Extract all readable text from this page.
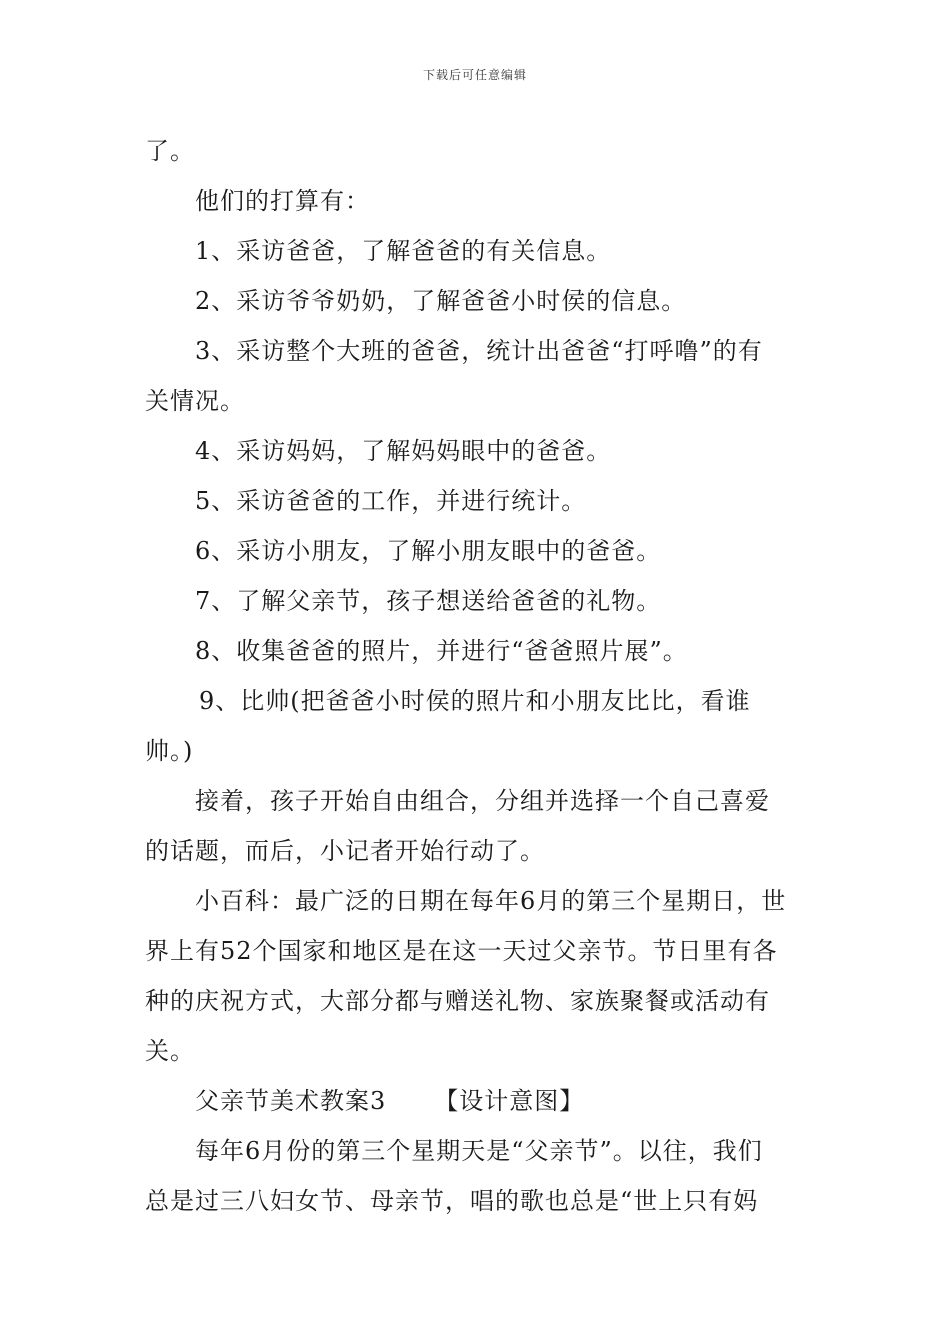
下载后可任意编辑
了。
他们的打算有：
1、采访爸爸，了解爸爸的有关信息。
2、采访爷爷奶奶，了解爸爸小时侯的信息。
3、采访整个大班的爸爸，统计出爸爸“打呼噜”的有
关情况。
4、采访妈妈，了解妈妈眼中的爸爸。
5、采访爸爸的工作，并进行统计。
6、采访小朋友，了解小朋友眼中的爸爸。
7、了解父亲节，孩子想送给爸爸的礼物。
8、收集爸爸的照片，并进行“爸爸照片展”。
9、比帅(把爸爸小时侯的照片和小朋友比比，看谁
帅。)
接着，孩子开始自由组合，分组并选择一个自己喜爱
的话题，而后，小记者开始行动了。
小百科：最广泛的日期在每年6月的第三个星期日，世
界上有52个国家和地区是在这一天过父亲节。节日里有各
种的庆祝方式，大部分都与赠送礼物、家族聚餐或活动有
关。
父亲节美术教案3 【设计意图】
每年6月份的第三个星期天是“父亲节”。以往，我们
总是过三八妇女节、母亲节，唱的歌也总是“世上只有妈
